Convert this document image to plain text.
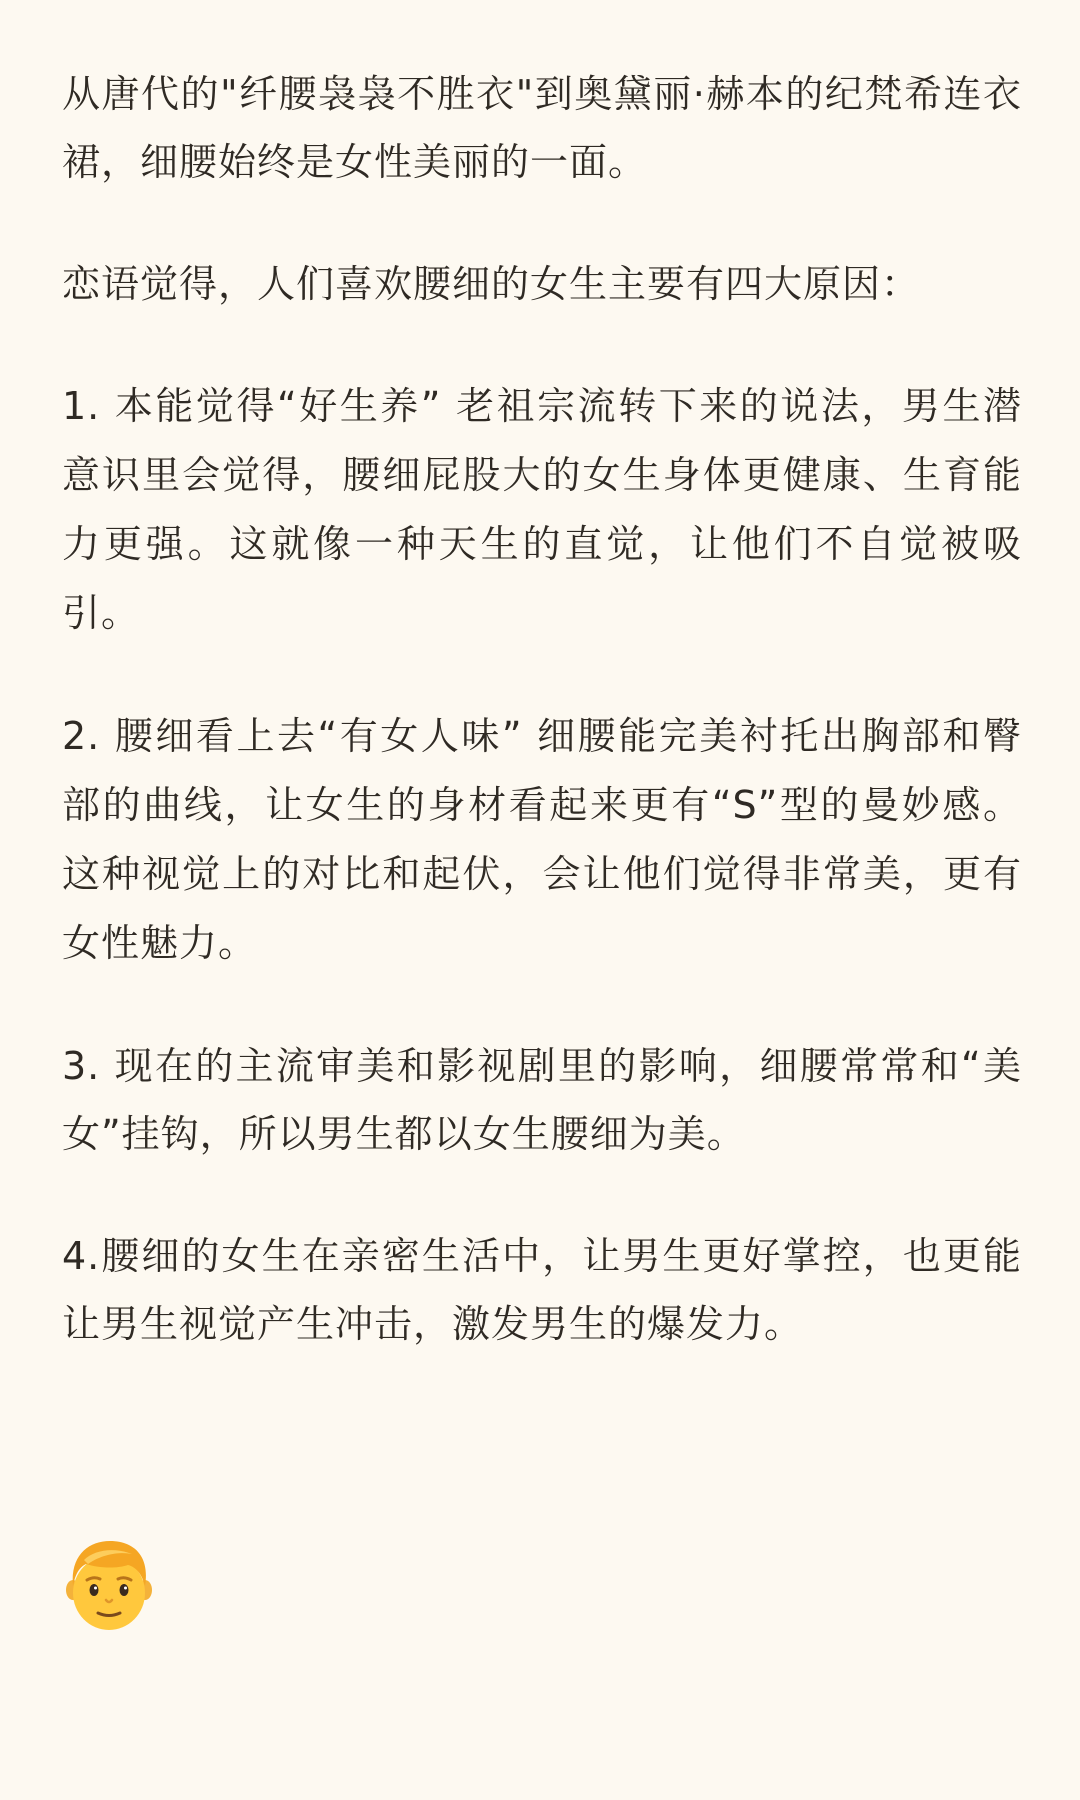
从唐代的"纤腰袅袅不胜衣"到奥黛丽·赫本的纪梵希连衣裙，细腰始终是女性美丽的一面。

恋语觉得，人们喜欢腰细的女生主要有四大原因：

1. 本能觉得“好生养” 老祖宗流转下来的说法，男生潜意识里会觉得，腰细屁股大的女生身体更健康、生育能力更强。这就像一种天生的直觉，让他们不自觉被吸引。

2. 腰细看上去“有女人味” 细腰能完美衬托出胸部和臀部的曲线，让女生的身材看起来更有“S”型的曼妙感。这种视觉上的对比和起伏，会让他们觉得非常美，更有女性魅力。

3. 现在的主流审美和影视剧里的影响，细腰常常和“美女”挂钩，所以男生都以女生腰细为美。

4.腰细的女生在亲密生活中，让男生更好掌控，也更能让男生视觉产生冲击，激发男生的爆发力。
